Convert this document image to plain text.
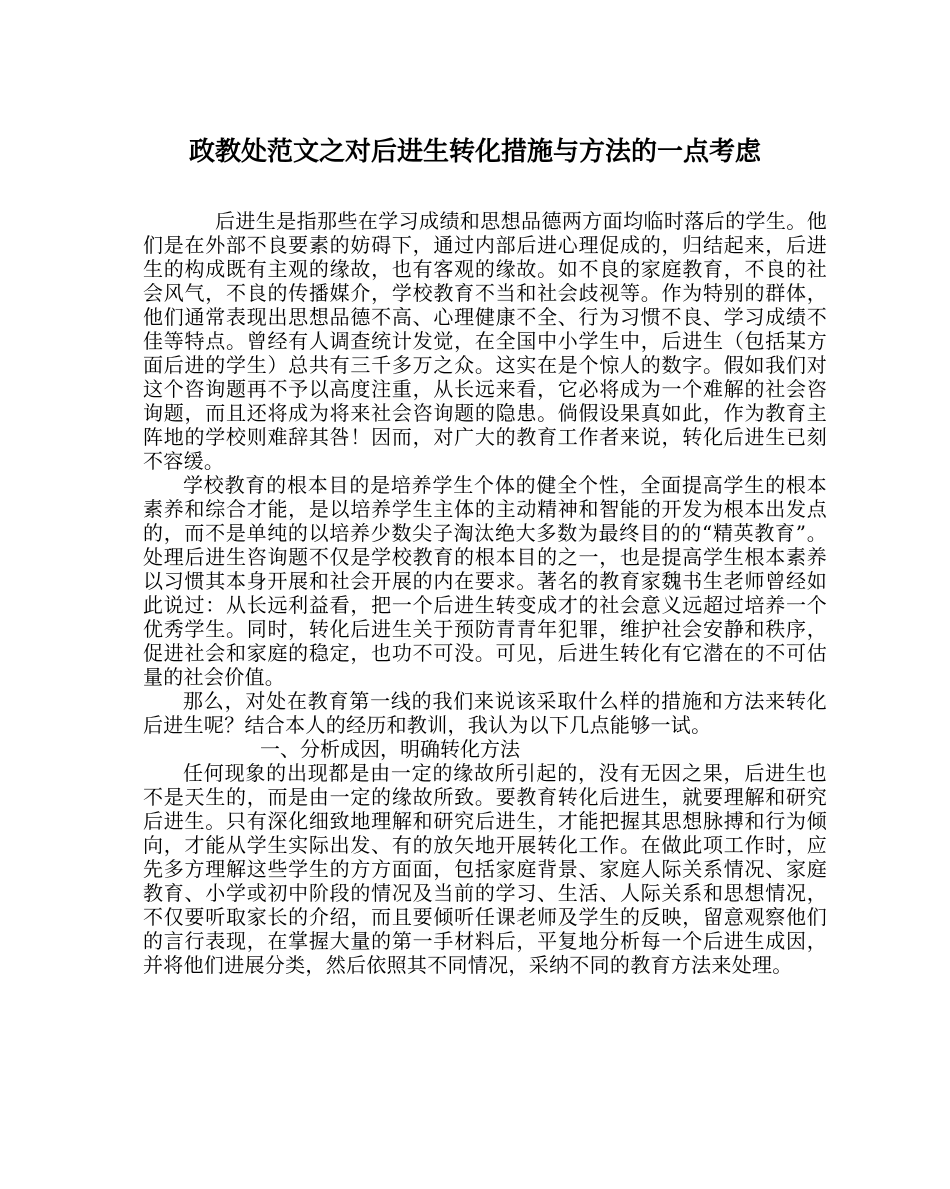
政教处范文之对后进生转化措施与方法的一点考虑

后进生是指那些在学习成绩和思想品德两方面均临时落后的学生。他们是在外部不良要素的妨碍下，通过内部后进心理促成的，归结起来，后进生的构成既有主观的缘故，也有客观的缘故。如不良的家庭教育，不良的社会风气，不良的传播媒介，学校教育不当和社会歧视等。作为特别的群体，他们通常表现出思想品德不高、心理健康不全、行为习惯不良、学习成绩不佳等特点。曾经有人调查统计发觉，在全国中小学生中，后进生（包括某方面后进的学生）总共有三千多万之众。这实在是个惊人的数字。假如我们对这个咨询题再不予以高度注重，从长远来看，它必将成为一个难解的社会咨询题，而且还将成为将来社会咨询题的隐患。倘假设果真如此，作为教育主阵地的学校则难辞其咎！因而，对广大的教育工作者来说，转化后进生已刻不容缓。

学校教育的根本目的是培养学生个体的健全个性，全面提高学生的根本素养和综合才能，是以培养学生主体的主动精神和智能的开发为根本出发点的，而不是单纯的以培养少数尖子淘汰绝大多数为最终目的的“精英教育”。处理后进生咨询题不仅是学校教育的根本目的之一，也是提高学生根本素养以习惯其本身开展和社会开展的内在要求。著名的教育家魏书生老师曾经如此说过：从长远利益看，把一个后进生转变成才的社会意义远超过培养一个优秀学生。同时，转化后进生关于预防青青年犯罪，维护社会安静和秩序，促进社会和家庭的稳定，也功不可没。可见，后进生转化有它潜在的不可估量的社会价值。

那么，对处在教育第一线的我们来说该采取什么样的措施和方法来转化后进生呢？结合本人的经历和教训，我认为以下几点能够一试。

一、分析成因，明确转化方法

任何现象的出现都是由一定的缘故所引起的，没有无因之果，后进生也不是天生的，而是由一定的缘故所致。要教育转化后进生，就要理解和研究后进生。只有深化细致地理解和研究后进生，才能把握其思想脉搏和行为倾向，才能从学生实际出发、有的放矢地开展转化工作。在做此项工作时，应先多方理解这些学生的方方面面，包括家庭背景、家庭人际关系情况、家庭教育、小学或初中阶段的情况及当前的学习、生活、人际关系和思想情况，不仅要听取家长的介绍，而且要倾听任课老师及学生的反映，留意观察他们的言行表现，在掌握大量的第一手材料后，平复地分析每一个后进生成因，并将他们进展分类，然后依照其不同情况，采纳不同的教育方法来处理。
